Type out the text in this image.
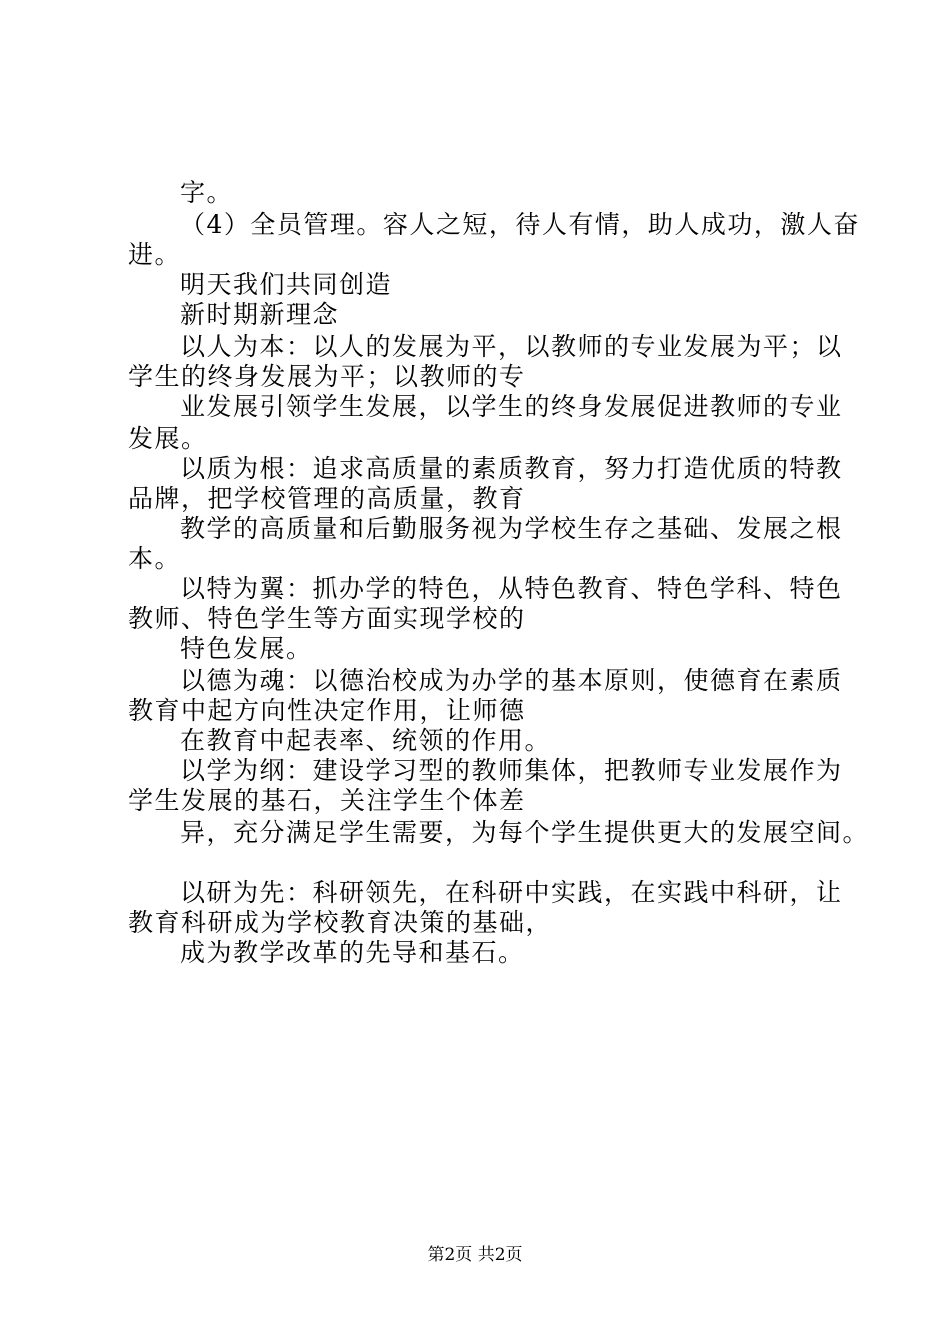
字。
（4）全员管理。容人之短，待人有情，助人成功，激人奋
进。
明天我们共同创造
新时期新理念
以人为本：以人的发展为平，以教师的专业发展为平；以
学生的终身发展为平；以教师的专
业发展引领学生发展，以学生的终身发展促进教师的专业
发展。
以质为根：追求高质量的素质教育，努力打造优质的特教
品牌，把学校管理的高质量，教育
教学的高质量和后勤服务视为学校生存之基础、发展之根
本。
以特为翼：抓办学的特色，从特色教育、特色学科、特色
教师、特色学生等方面实现学校的
特色发展。
以德为魂：以德治校成为办学的基本原则，使德育在素质
教育中起方向性决定作用，让师德
在教育中起表率、统领的作用。
以学为纲：建设学习型的教师集体，把教师专业发展作为
学生发展的基石，关注学生个体差
异，充分满足学生需要，为每个学生提供更大的发展空间。
以研为先：科研领先，在科研中实践，在实践中科研，让
教育科研成为学校教育决策的基础，
成为教学改革的先导和基石。
第2页 共2页
